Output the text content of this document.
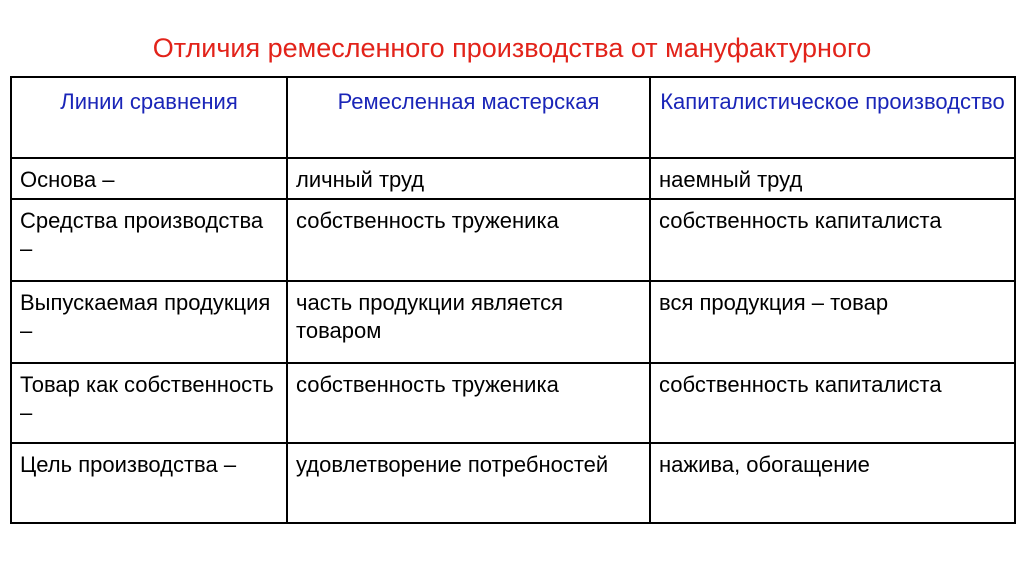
Отличия ремесленного производства от мануфактурного
Линии сравнения	Ремесленная мастерская	Капиталистическое производство
Основа –	личный труд	наемный труд
Средства производства –	собственность труженика	собственность капиталиста
Выпускаемая продукция –	часть продукции является товаром	вся продукция – товар
Товар как собственность –	собственность труженика	собственность капиталиста
Цель производства –	удовлетворение потребностей	нажива, обогащение
